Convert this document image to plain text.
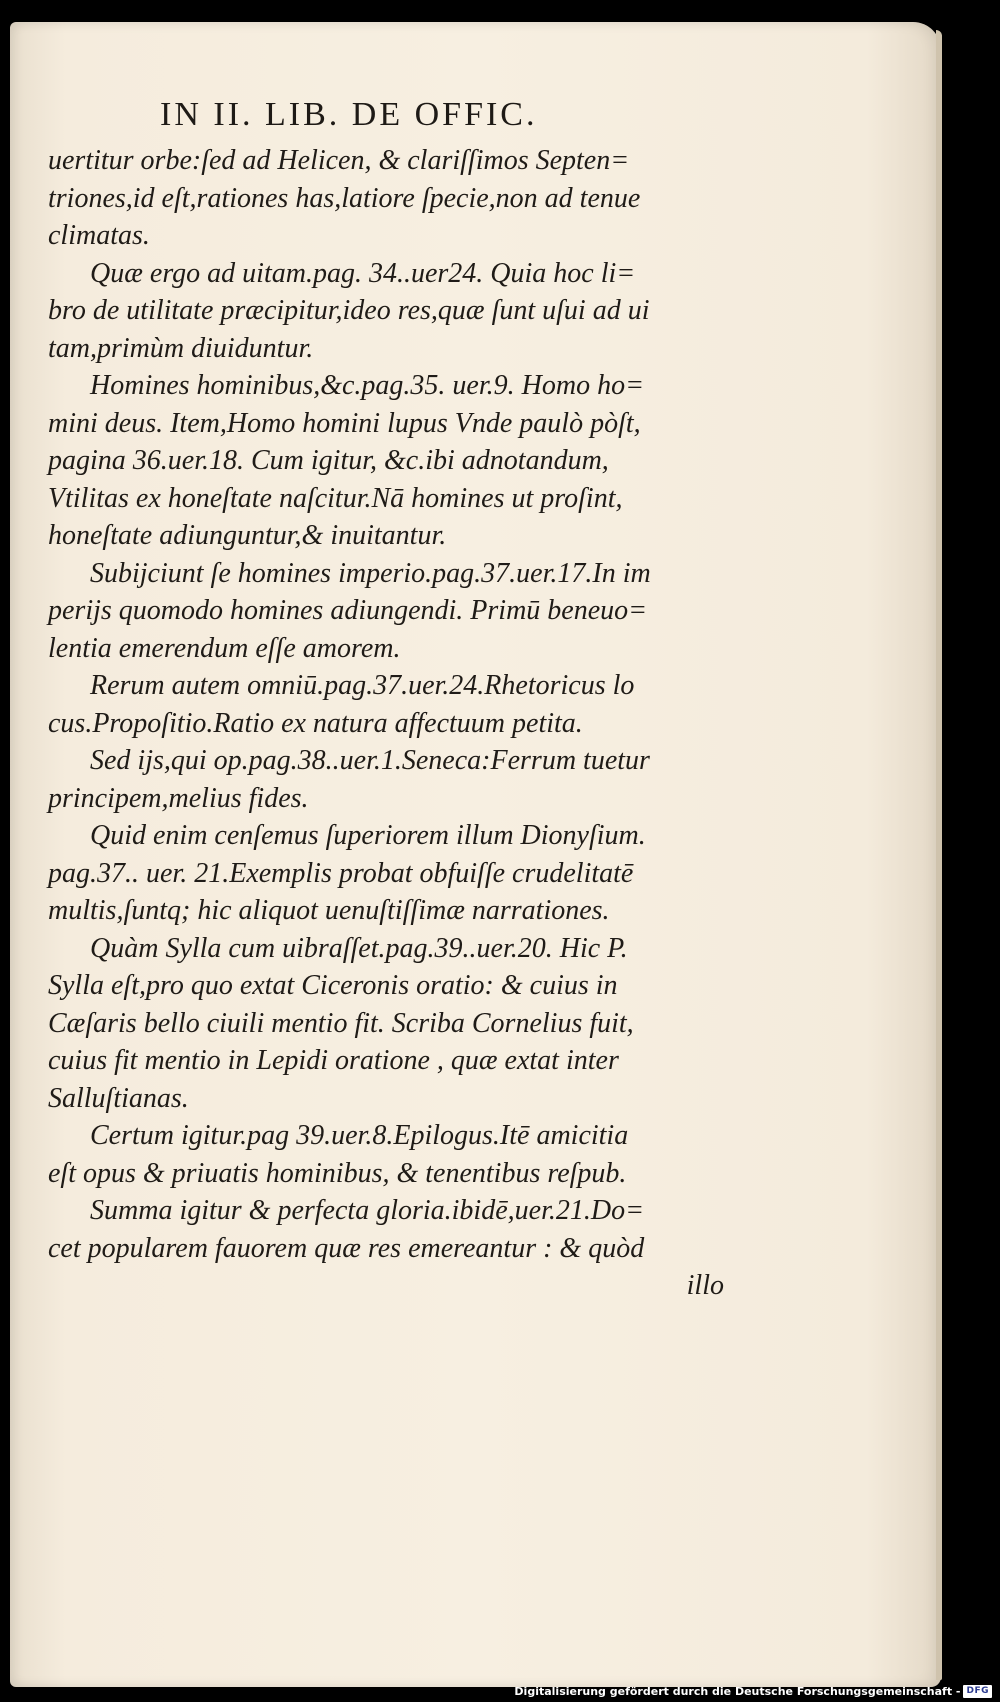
IN II. LIB. DE OFFIC.
uertitur orbe:ſed ad Helicen, & clariſſimos Septen=
triones,id eſt,rationes has,latiore ſpecie,non ad tenue
climatas.
Quæ ergo ad uitam.pag. 34..uer24. Quia hoc li=
bro de utilitate præcipitur,ideo res,quæ ſunt uſui ad ui
tam,primùm diuiduntur.
Homines hominibus,&c.pag.35. uer.9. Homo ho=
mini deus. Item,Homo homini lupus Vnde paulò pòſt,
pagina 36.uer.18. Cum igitur, &c.ibi adnotandum,
Vtilitas ex honeſtate naſcitur.Nā homines ut proſint,
honeſtate adiunguntur,& inuitantur.
Subijciunt ſe homines imperio.pag.37.uer.17.In im
perijs quomodo homines adiungendi. Primū beneuo=
lentia emerendum eſſe amorem.
Rerum autem omniū.pag.37.uer.24.Rhetoricus lo
cus.Propoſitio.Ratio ex natura affectuum petita.
Sed ijs,qui op.pag.38..uer.1.Seneca:Ferrum tuetur
principem,melius fides.
Quid enim cenſemus ſuperiorem illum Dionyſium.
pag.37.. uer. 21.Exemplis probat obfuiſſe crudelitatē
multis,ſuntq; hic aliquot uenuſtiſſimæ narrationes.
Quàm Sylla cum uibraſſet.pag.39..uer.20. Hic P.
Sylla eſt,pro quo extat Ciceronis oratio: & cuius in
Cæſaris bello ciuili mentio fit. Scriba Cornelius fuit,
cuius fit mentio in Lepidi oratione , quæ extat inter
Salluſtianas.
Certum igitur.pag 39.uer.8.Epilogus.Itē amicitia
eſt opus & priuatis hominibus, & tenentibus reſpub.
Summa igitur & perfecta gloria.ibidē,uer.21.Do=
cet popularem fauorem quæ res emereantur : & quòd
illo
Digitalisierung gefördert durch die Deutsche Forschungsgemeinschaft - DFG
